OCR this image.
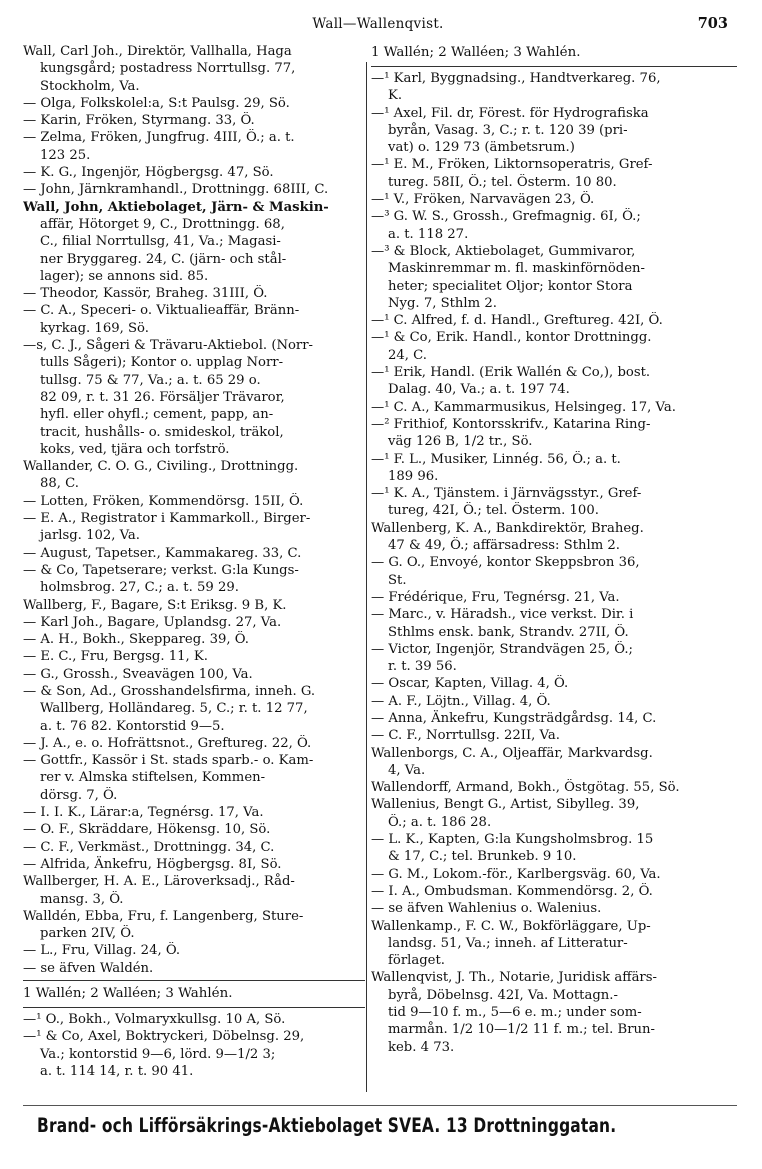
Wall—Wallenqvist.	703
Wall, Carl Joh., Direktör, Vallhalla, Haga
kungsgård; postadress Norrtullsg. 77,
Stockholm, Va.
— Olga, Folkskolel:a, S:t Paulsg. 29, Sö.
— Karin, Fröken, Styrmang. 33, Ö.
— Zelma, Fröken, Jungfrug. 4III, Ö.; a. t.
123 25.
— K. G., Ingenjör, Högbergsg. 47, Sö.
— John, Järnkramhandl., Drottningg. 68III, C.
Wall, John, Aktiebolaget, Järn- & Maskin-
affär, Hötorget 9, C., Drottningg. 68,
C., filial Norrtullsg, 41, Va.; Magasi-
ner Bryggareg. 24, C. (järn- och stål-
lager); se annons sid. 85.
— Theodor, Kassör, Braheg. 31III, Ö.
— C. A., Speceri- o. Viktualieaffär, Bränn-
kyrkag. 169, Sö.
—s, C. J., Sågeri & Trävaru-Aktiebol. (Norr-
tulls Sågeri); Kontor o. upplag Norr-
tullsg. 75 & 77, Va.; a. t. 65 29 o.
82 09, r. t. 31 26. Försäljer Trävaror,
hyfl. eller ohyfl.; cement, papp, an-
tracit, hushålls- o. smideskol, träkol,
koks, ved, tjära och torfströ.
Wallander, C. O. G., Civiling., Drottningg.
88, C.
— Lotten, Fröken, Kommendörsg. 15II, Ö.
— E. A., Registrator i Kammarkoll., Birger-
jarlsg. 102, Va.
— August, Tapetser., Kammakareg. 33, C.
— & Co, Tapetserare; verkst. G:la Kungs-
holmsbrog. 27, C.; a. t. 59 29.
Wallberg, F., Bagare, S:t Eriksg. 9 B, K.
— Karl Joh., Bagare, Uplandsg. 27, Va.
— A. H., Bokh., Skeppareg. 39, Ö.
— E. C., Fru, Bergsg. 11, K.
— G., Grossh., Sveavägen 100, Va.
— & Son, Ad., Grosshandelsfirma, inneh. G.
Wallberg, Holländareg. 5, C.; r. t. 12 77,
a. t. 76 82. Kontorstid 9—5.
— J. A., e. o. Hofrättsnot., Greftureg. 22, Ö.
— Gottfr., Kassör i St. stads sparb.- o. Kam-
rer v. Almska stiftelsen, Kommen-
dörsg. 7, Ö.
— I. I. K., Lärar:a, Tegnérsg. 17, Va.
— O. F., Skräddare, Hökensg. 10, Sö.
— C. F., Verkmäst., Drottningg. 34, C.
— Alfrida, Änkefru, Högbergsg. 8I, Sö.
Wallberger, H. A. E., Läroverksadj., Råd-
mansg. 3, Ö.
Walldén, Ebba, Fru, f. Langenberg, Sture-
parken 2IV, Ö.
— L., Fru, Villag. 24, Ö.
— se äfven Waldén.
1 Wallén; 2 Walléen; 3 Wahlén.
—¹ O., Bokh., Volmaryxkullsg. 10 A, Sö.
—¹ & Co, Axel, Boktryckeri, Döbelnsg. 29,
Va.; kontorstid 9—6, lörd. 9—1/2 3;
a. t. 114 14, r. t. 90 41.
1 Wallén; 2 Walléen; 3 Wahlén.
—¹ Karl, Byggnadsing., Handtverkareg. 76,
K.
—¹ Axel, Fil. dr, Förest. för Hydrografiska
byrån, Vasag. 3, C.; r. t. 120 39 (pri-
vat) o. 129 73 (ämbetsrum.)
—¹ E. M., Fröken, Liktornsoperatris, Gref-
tureg. 58II, Ö.; tel. Österm. 10 80.
—¹ V., Fröken, Narvavägen 23, Ö.
—³ G. W. S., Grossh., Grefmagnig. 6I, Ö.;
a. t. 118 27.
—³ & Block, Aktiebolaget, Gummivaror,
Maskinremmar m. fl. maskinförnöden-
heter; specialitet Oljor; kontor Stora
Nyg. 7, Sthlm 2.
—¹ C. Alfred, f. d. Handl., Greftureg. 42I, Ö.
—¹ & Co, Erik. Handl., kontor Drottningg.
24, C.
—¹ Erik, Handl. (Erik Wallén & Co,), bost.
Dalag. 40, Va.; a. t. 197 74.
—¹ C. A., Kammarmusikus, Helsingeg. 17, Va.
—² Frithiof, Kontorsskrifv., Katarina Ring-
väg 126 B, 1/2 tr., Sö.
—¹ F. L., Musiker, Linnég. 56, Ö.; a. t.
189 96.
—¹ K. A., Tjänstem. i Järnvägsstyr., Gref-
tureg, 42I, Ö.; tel. Österm. 100.
Wallenberg, K. A., Bankdirektör, Braheg.
47 & 49, Ö.; affärsadress: Sthlm 2.
— G. O., Envoyé, kontor Skeppsbron 36,
St.
— Frédérique, Fru, Tegnérsg. 21, Va.
— Marc., v. Häradsh., vice verkst. Dir. i
Sthlms ensk. bank, Strandv. 27II, Ö.
— Victor, Ingenjör, Strandvägen 25, Ö.;
r. t. 39 56.
— Oscar, Kapten, Villag. 4, Ö.
— A. F., Löjtn., Villag. 4, Ö.
— Anna, Änkefru, Kungsträdgårdsg. 14, C.
— C. F., Norrtullsg. 22II, Va.
Wallenborgs, C. A., Oljeaffär, Markvardsg.
4, Va.
Wallendorff, Armand, Bokh., Östgötag. 55, Sö.
Wallenius, Bengt G., Artist, Sibylleg. 39,
Ö.; a. t. 186 28.
— L. K., Kapten, G:la Kungsholmsbrog. 15
& 17, C.; tel. Brunkeb. 9 10.
— G. M., Lokom.-för., Karlbergsväg. 60, Va.
— I. A., Ombudsman. Kommendörsg. 2, Ö.
— se äfven Wahlenius o. Walenius.
Wallenkamp., F. C. W., Bokförläggare, Up-
landsg. 51, Va.; inneh. af Litteratur-
förlaget.
Wallenqvist, J. Th., Notarie, Juridisk affärs-
byrå, Döbelnsg. 42I, Va. Mottagn.-
tid 9—10 f. m., 5—6 e. m.; under som-
marmån. 1/2 10—1/2 11 f. m.; tel. Brun-
keb. 4 73.
Brand- och Lifförsäkrings-Aktiebolaget SVEA. 13 Drottninggatan.
